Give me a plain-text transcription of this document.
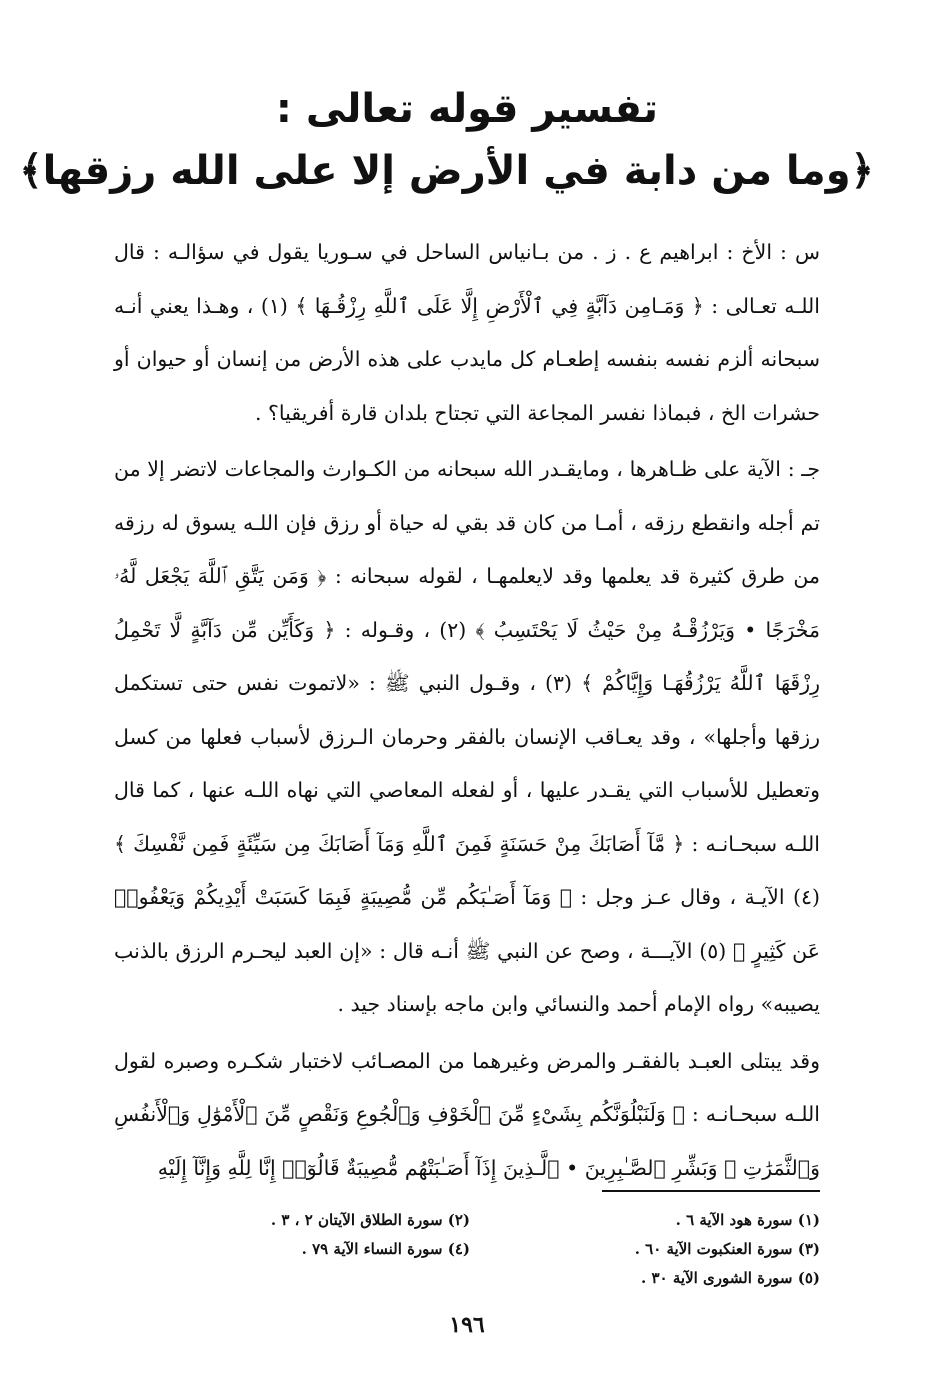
تفسير قوله تعالى :
﴿وما من دابة في الأرض إلا على الله رزقها﴾

س : الأخ : ابراهيم ع . ز . من بـانياس الساحل في سـوريا يقول في سؤالـه : قال اللـه تعـالى : ﴿ وَمَـامِن دَآبَّةٍ فِي ٱلْأَرْضِ إِلَّا عَلَى ٱللَّهِ رِزْقُـهَا ﴾ (١) ، وهـذا يعني أنـه سبحانه ألزم نفسه بنفسه إطعـام كل مايدب على هذه الأرض من إنسان أو حيوان أو حشرات الخ ، فبماذا نفسر المجاعة التي تجتاح بلدان قارة أفريقيا؟ .

جـ : الآية على ظـاهرها ، ومايقـدر الله سبحانه من الكـوارث والمجاعات لاتضر إلا من تم أجله وانقطع رزقه ، أمـا من كان قد بقي له حياة أو رزق فإن اللـه يسوق له رزقه من طرق كثيرة قد يعلمها وقد لايعلمهـا ، لقوله سبحانه : ﴿ وَمَن يَتَّقِ ٱللَّهَ يَجْعَل لَّهُۥ مَخْرَجًا • وَيَرْزُقْـهُ مِنْ حَيْثُ لَا يَحْتَسِبُ ﴾ (٢) ، وقـوله : ﴿ وَكَأَيِّن مِّن دَآبَّةٍ لَّا تَحْمِلُ رِزْقَهَا ٱللَّهُ يَرْزُقُهَـا وَإِيَّاكُمْ ﴾ (٣) ، وقـول النبي ﷺ : «لاتموت نفس حتى تستكمل رزقها وأجلها» ، وقد يعـاقب الإنسان بالفقر وحرمان الـرزق لأسباب فعلها من كسل وتعطيل للأسباب التي يقـدر عليها ، أو لفعله المعاصي التي نهاه اللـه عنها ، كما قال اللـه سبحـانـه : ﴿ مَّآ أَصَابَكَ مِنْ حَسَنَةٍ فَمِنَ ٱللَّهِ وَمَآ أَصَابَكَ مِن سَيِّئَةٍ فَمِن نَّفْسِكَ ﴾ (٤) الآيـة ، وقال عـز وجل : ﴿ وَمَآ أَصَـٰبَكُم مِّن مُّصِيبَةٍ فَبِمَا كَسَبَتْ أَيْدِيكُمْ وَيَعْفُوا۟ عَن كَثِيرٍ ﴾ (٥) الآيـــة ، وصح عن النبي ﷺ أنـه قال : «إن العبد ليحـرم الرزق بالذنب يصيبه» رواه الإمام أحمد والنسائي وابن ماجه بإسناد جيد .

وقد يبتلى العبـد بالفقـر والمرض وغيرهما من المصـائب لاختبار شكـره وصبره لقول اللـه سبحـانـه : ﴿ وَلَنَبْلُوَنَّكُم بِشَىْءٍ مِّنَ ٱلْخَوْفِ وَٱلْجُوعِ وَنَقْصٍ مِّنَ ٱلْأَمْوَٰلِ وَٱلْأَنفُسِ وَٱلثَّمَرَٰتِ ۗ وَبَشِّرِ ٱلصَّـٰبِرِينَ • ٱلَّـذِينَ إِذَآ أَصَـٰبَتْهُم مُّصِيبَةٌ قَالُوٓا۟ إِنَّا لِلَّهِ وَإِنَّآ إِلَيْهِ

(١) سورة هود الآية ٦ .
(٢) سورة الطلاق الآيتان ٢ ، ٣ .
(٣) سورة العنكبوت الآية ٦٠ .
(٤) سورة النساء الآية ٧٩ .
(٥) سورة الشورى الآية ٣٠ .
١٩٦
